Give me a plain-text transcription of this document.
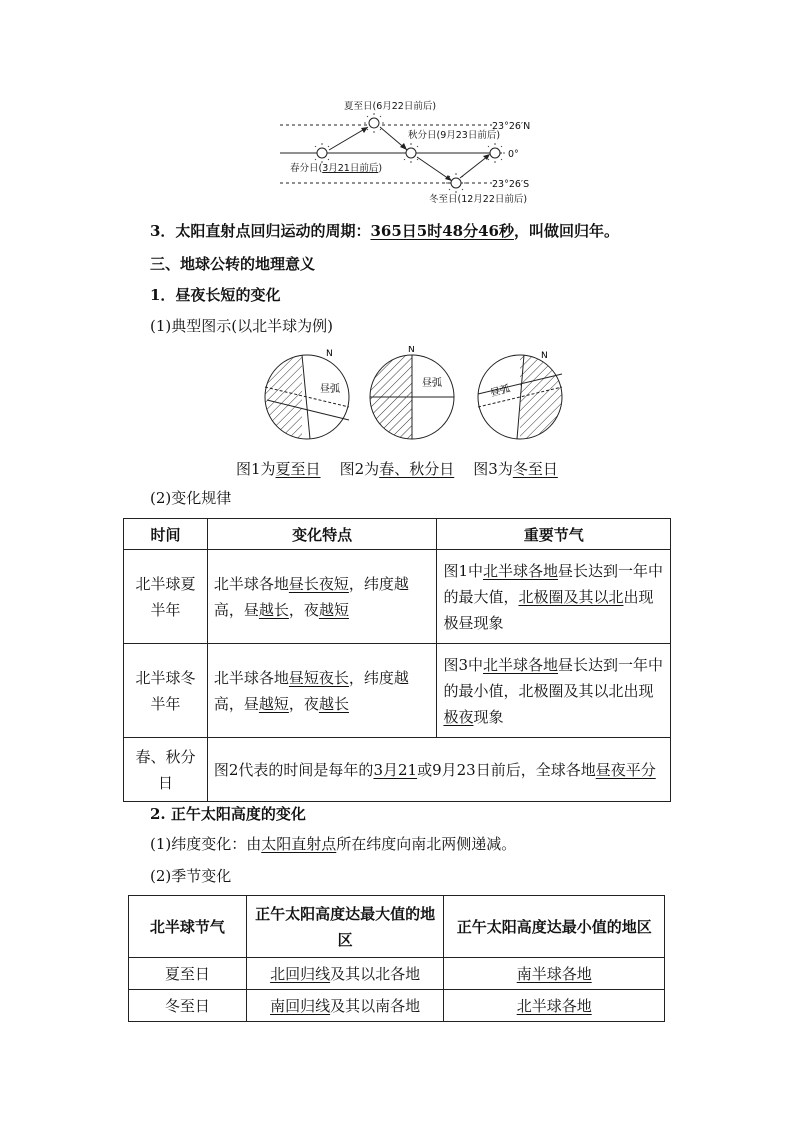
夏至日(6月22日前后)
秋分日(9月23日前后)
23°26′N
0°
23°26′S
春分日(3月21日前后)
冬至日(12月22日前后)
3．太阳直射点回归运动的周期：365日5时48分46秒，叫做回归年。
三、地球公转的地理意义
1．昼夜长短的变化
(1)典型图示(以北半球为例)
N
昼弧
N
昼弧
N
昼弧
图1为夏至日 图2为春、秋分日 图3为冬至日
(2)变化规律
时间	变化特点	重要节气
北半球夏半年	北半球各地昼长夜短，纬度越高，昼越长，夜越短	图1中北半球各地昼长达到一年中的最大值，北极圈及其以北出现极昼现象
北半球冬半年	北半球各地昼短夜长，纬度越高，昼越短，夜越长	图3中北半球各地昼长达到一年中的最小值，北极圈及其以北出现极夜现象
春、秋分日	图2代表的时间是每年的3月21或9月23日前后，全球各地昼夜平分	
2. 正午太阳高度的变化
(1)纬度变化：由太阳直射点所在纬度向南北两侧递减。
(2)季节变化
北半球节气	正午太阳高度达最大值的地区	正午太阳高度达最小值的地区
夏至日	北回归线及其以北各地	南半球各地
冬至日	南回归线及其以南各地	北半球各地
